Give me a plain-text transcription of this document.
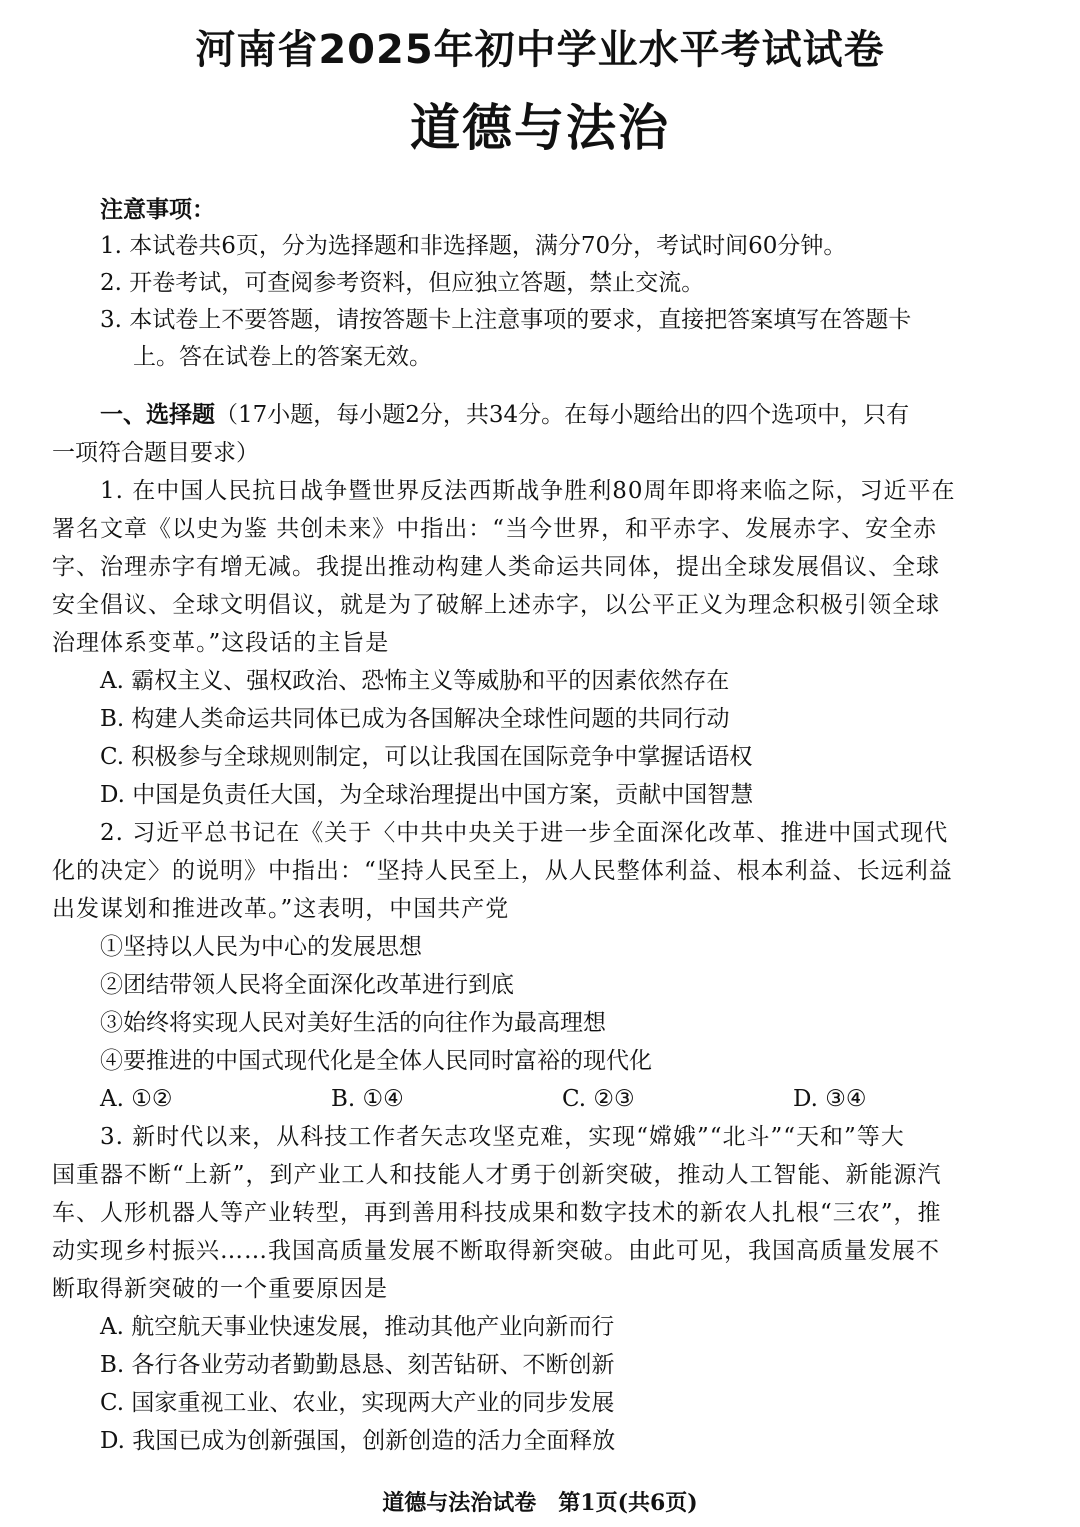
河南省2025年初中学业水平考试试卷
道德与法治
注意事项：
1. 本试卷共6页，分为选择题和非选择题，满分70分，考试时间60分钟。
2. 开卷考试，可查阅参考资料，但应独立答题，禁止交流。
3. 本试卷上不要答题，请按答题卡上注意事项的要求，直接把答案填写在答题卡
上。答在试卷上的答案无效。
一、选择题（17小题，每小题2分，共34分。在每小题给出的四个选项中，只有
一项符合题目要求）
1. 在中国人民抗日战争暨世界反法西斯战争胜利80周年即将来临之际，习近平在
署名文章《以史为鉴 共创未来》中指出：“当今世界，和平赤字、发展赤字、安全赤
字、治理赤字有增无减。我提出推动构建人类命运共同体，提出全球发展倡议、全球
安全倡议、全球文明倡议，就是为了破解上述赤字，以公平正义为理念积极引领全球
治理体系变革。”这段话的主旨是
A. 霸权主义、强权政治、恐怖主义等威胁和平的因素依然存在
B. 构建人类命运共同体已成为各国解决全球性问题的共同行动
C. 积极参与全球规则制定，可以让我国在国际竞争中掌握话语权
D. 中国是负责任大国，为全球治理提出中国方案，贡献中国智慧
2. 习近平总书记在《关于〈中共中央关于进一步全面深化改革、推进中国式现代
化的决定〉的说明》中指出：“坚持人民至上，从人民整体利益、根本利益、长远利益
出发谋划和推进改革。”这表明，中国共产党
①坚持以人民为中心的发展思想
②团结带领人民将全面深化改革进行到底
③始终将实现人民对美好生活的向往作为最高理想
④要推进的中国式现代化是全体人民同时富裕的现代化
A. ①②	B. ①④	C. ②③	D. ③④
3. 新时代以来，从科技工作者矢志攻坚克难，实现“嫦娥”“北斗”“天和”等大
国重器不断“上新”，到产业工人和技能人才勇于创新突破，推动人工智能、新能源汽
车、人形机器人等产业转型，再到善用科技成果和数字技术的新农人扎根“三农”，推
动实现乡村振兴……我国高质量发展不断取得新突破。由此可见，我国高质量发展不
断取得新突破的一个重要原因是
A. 航空航天事业快速发展，推动其他产业向新而行
B. 各行各业劳动者勤勤恳恳、刻苦钻研、不断创新
C. 国家重视工业、农业，实现两大产业的同步发展
D. 我国已成为创新强国，创新创造的活力全面释放
道德与法治试卷　第1页(共6页)
